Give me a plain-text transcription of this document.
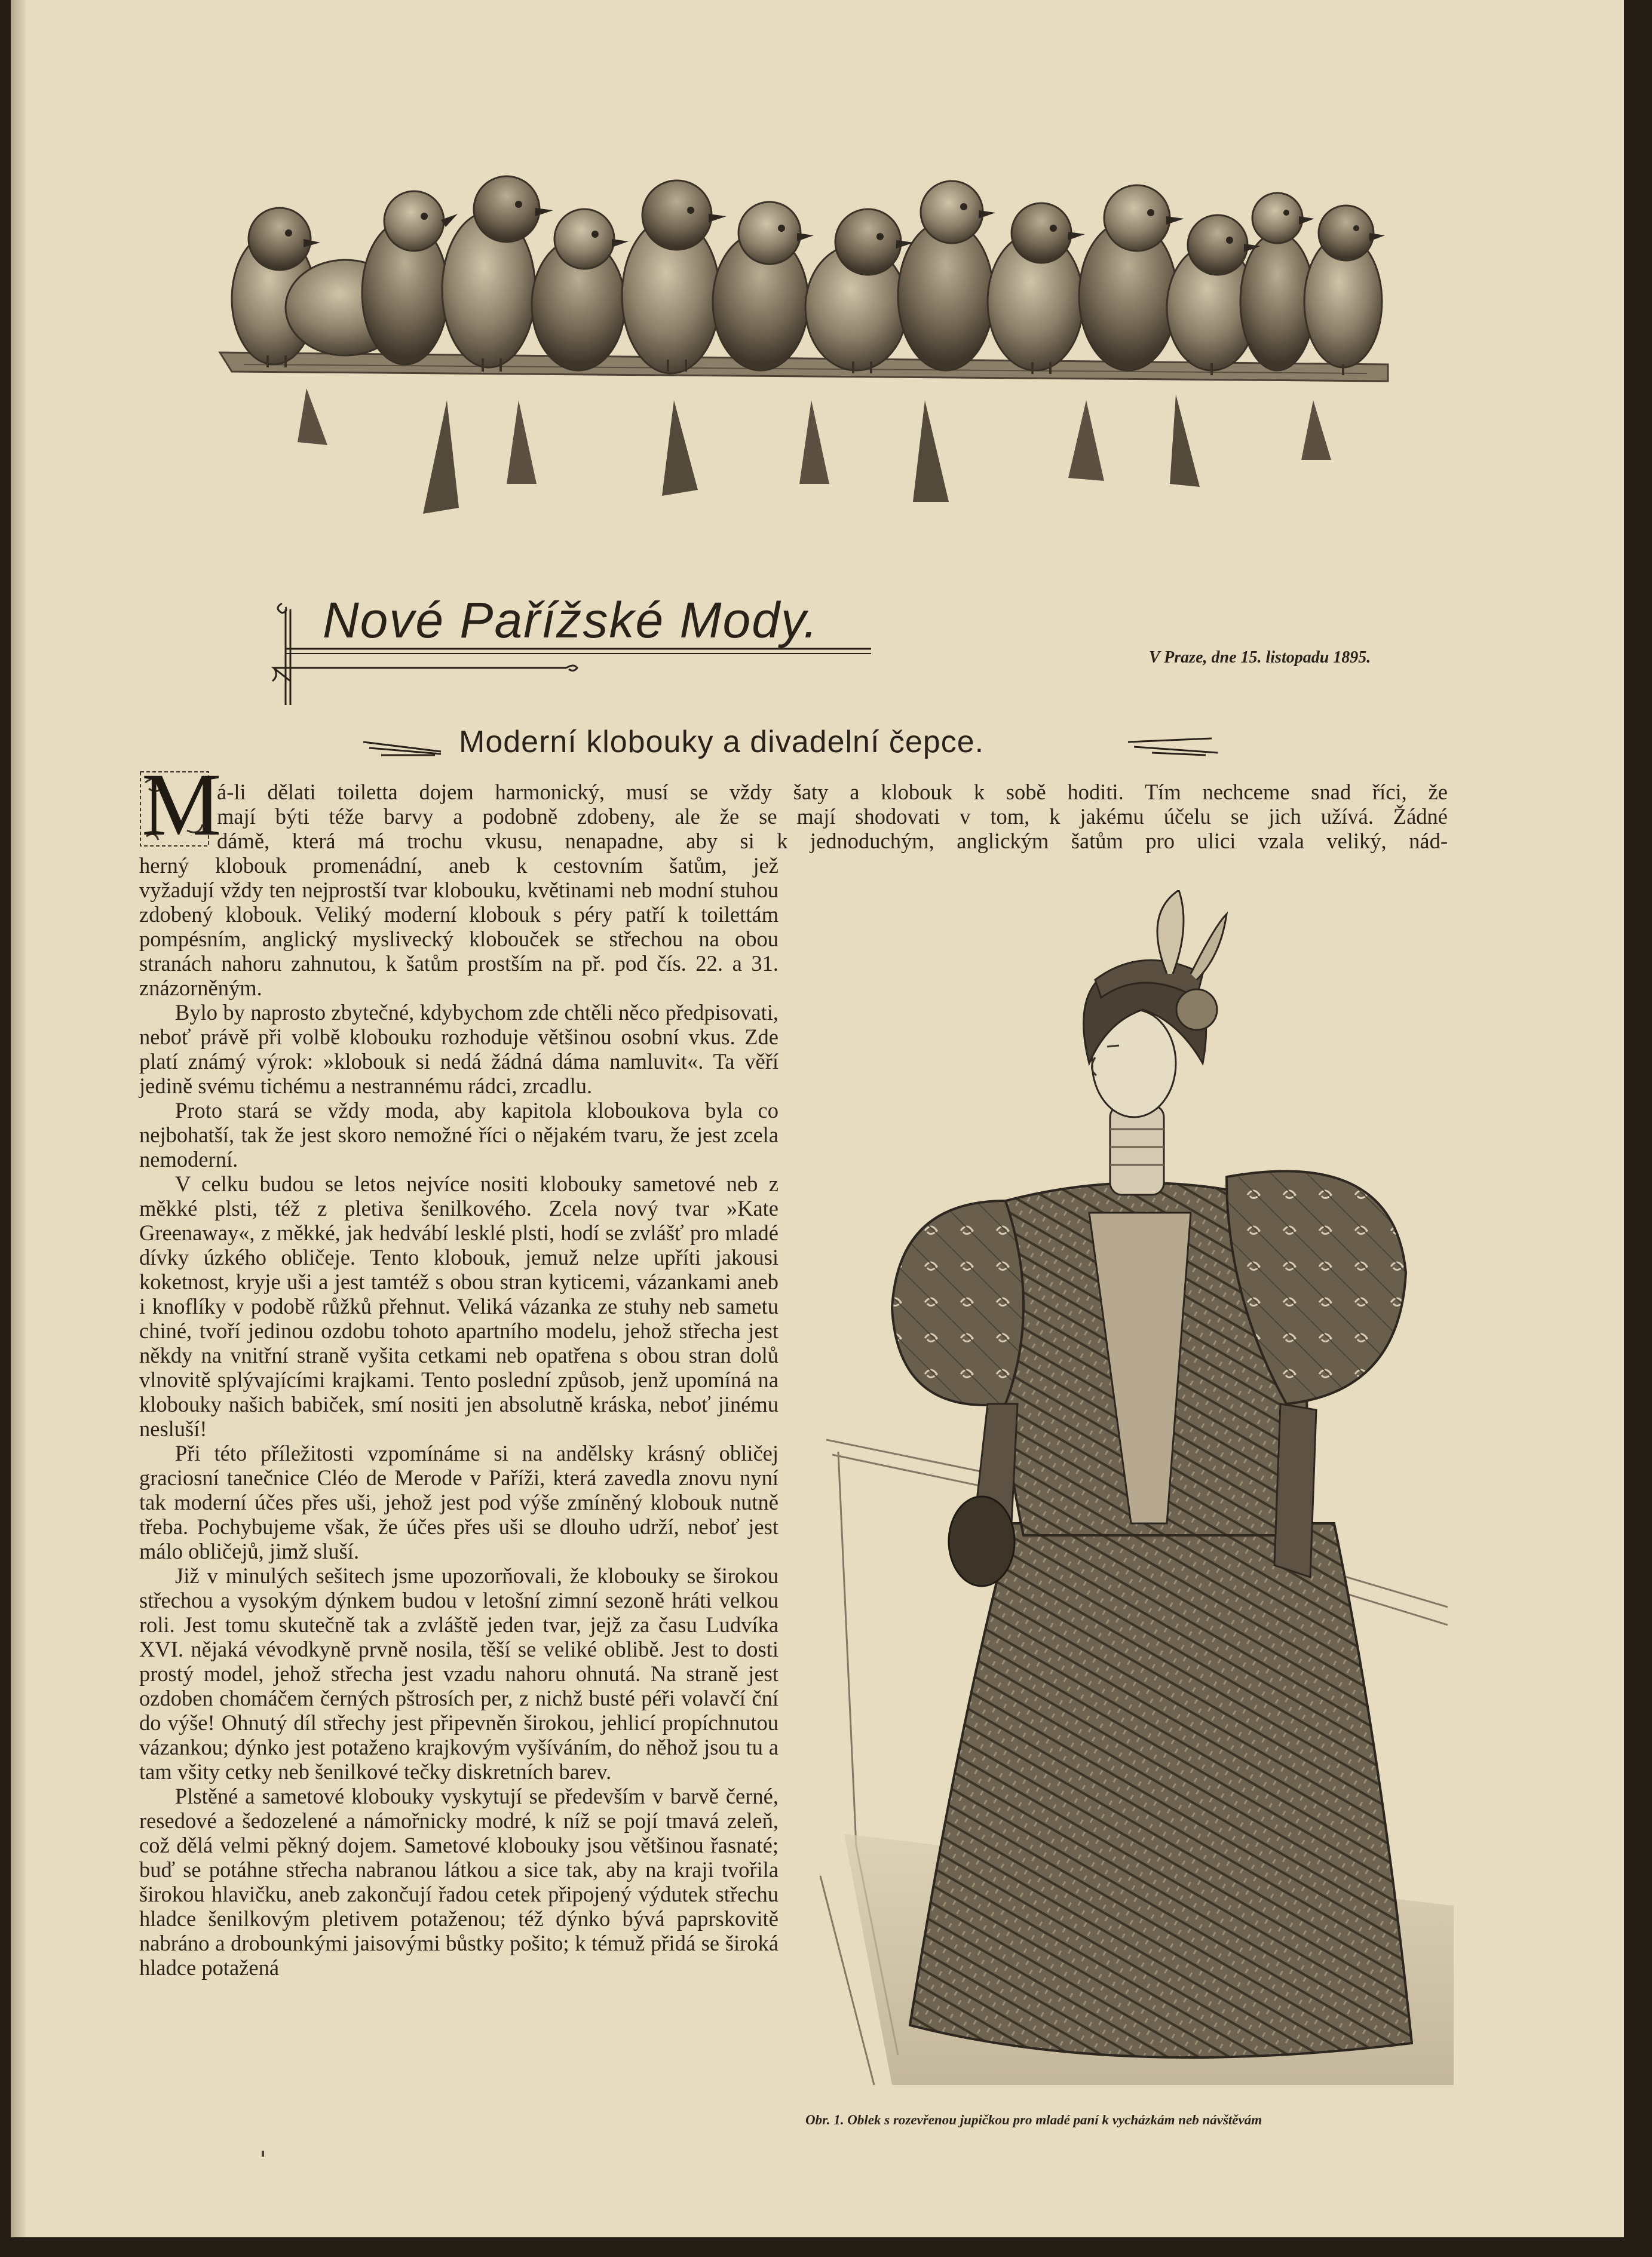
Nové Pařížské Mody.
V Praze, dne 15. listopadu 1895.
Moderní klobouky a divadelní čepce.
M
á-li dělati toiletta dojem harmonický, musí se vždy šaty a klobouk k sobě hoditi. Tím nechceme snad říci, že
mají býti téže barvy a podobně zdobeny, ale že se mají shodovati v tom, k jakému účelu se jich užívá. Žádné
dámě, která má trochu vkusu, nenapadne, aby si k jednoduchým, anglickým šatům pro ulici vzala veliký, nád-
herný klobouk promenádní, aneb k cestovním šatům, jež

vyžadují vždy ten nejprostší tvar klobouku, květinami neb modní stuhou zdobený klobouk. Veliký moderní klobouk s péry patří k toilettám pompésním, anglický myslivecký klobouček se střechou na obou stranách nahoru zahnutou, k šatům prostším na př. pod čís. 22. a 31. znázorněným.

Bylo by naprosto zbytečné, kdybychom zde chtěli něco předpisovati, neboť právě při volbě klobouku rozhoduje většinou osobní vkus. Zde platí známý výrok: »klobouk si nedá žádná dáma namluvit«. Ta věří jedině svému tichému a nestrannému rádci, zrcadlu.

Proto stará se vždy moda, aby kapitola kloboukova byla co nejbohatší, tak že jest skoro nemožné říci o nějakém tvaru, že jest zcela nemoderní.

V celku budou se letos nejvíce nositi klobouky sametové neb z měkké plsti, též z pletiva šenilkového. Zcela nový tvar »Kate Greenaway«, z měkké, jak hedvábí lesklé plsti, hodí se zvlášť pro mladé dívky úzkého obličeje. Tento klobouk, jemuž nelze upříti jakousi koketnost, kryje uši a jest tamtéž s obou stran kyticemi, vázankami aneb i knoflíky v podobě růžků přehnut. Veliká vázanka ze stuhy neb sametu chiné, tvoří jedinou ozdobu tohoto apartního modelu, jehož střecha jest někdy na vnitřní straně vyšita cetkami neb opatřena s obou stran dolů vlnovitě splývajícími krajkami. Tento poslední způsob, jenž upomíná na klobouky našich babiček, smí nositi jen absolutně kráska, neboť jinému nesluší!

Při této příležitosti vzpomínáme si na andělsky krásný obličej graciosní tanečnice Cléo de Merode v Paříži, která zavedla znovu nyní tak moderní účes přes uši, jehož jest pod výše zmíněný klobouk nutně třeba. Pochybujeme však, že účes přes uši se dlouho udrží, neboť jest málo obličejů, jimž sluší.

Již v minulých sešitech jsme upozorňovali, že klobouky se širokou střechou a vysokým dýnkem budou v letošní zimní sezoně hráti velkou roli. Jest tomu skutečně tak a zvláště jeden tvar, jejž za času Ludvíka XVI. nějaká vévodkyně prvně nosila, těší se veliké oblibě. Jest to dosti prostý model, jehož střecha jest vzadu nahoru ohnutá. Na straně jest ozdoben chomáčem černých pštrosích per, z nichž busté péři volavčí ční do výše! Ohnutý díl střechy jest připevněn širokou, jehlicí propíchnutou vázankou; dýnko jest potaženo krajkovým vyšíváním, do něhož jsou tu a tam všity cetky neb šenilkové tečky diskretních barev.

Plstěné a sametové klobouky vyskytují se především v barvě černé, resedové a šedozelené a námořnicky modré, k níž se pojí tmavá zeleň, což dělá velmi pěkný dojem. Sametové klobouky jsou většinou řasnaté; buď se potáhne střecha nabranou látkou a sice tak, aby na kraji tvořila širokou hlavičku, aneb zakončují řadou cetek připojený výdutek střechu hladce šenilkovým pletivem potaženou; též dýnko bývá paprskovitě nabráno a drobounkými jaisovými bůstky pošito; k témuž přidá se široká hladce potažená

Obr. 1. Oblek s rozevřenou jupičkou pro mladé paní k vycházkám neb návštěvám
